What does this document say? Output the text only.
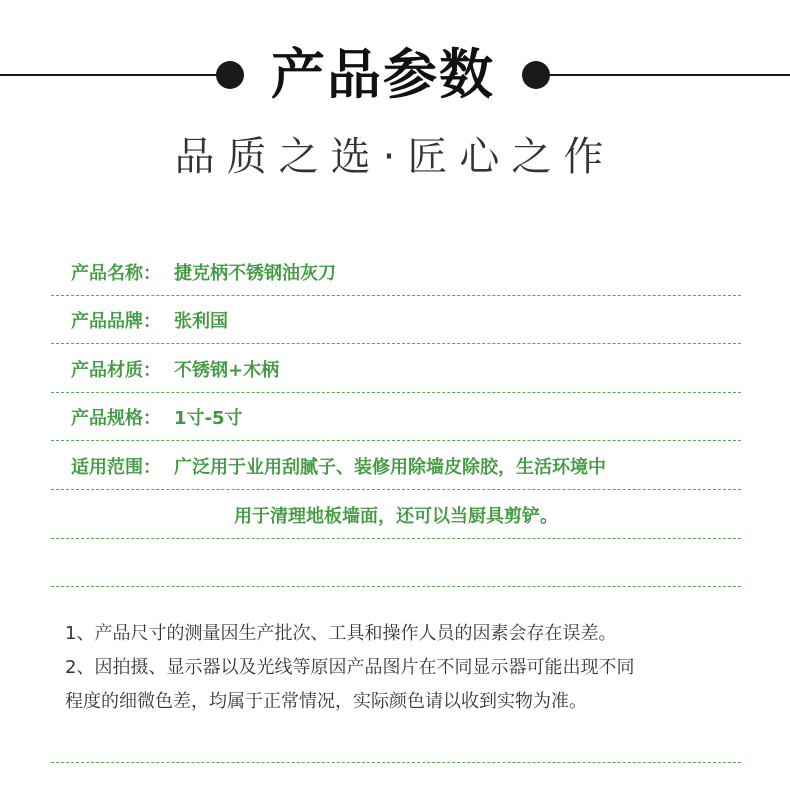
产品参数
品质之选·匠心之作
产品名称： 捷克柄不锈钢油灰刀
产品品牌： 张利国
产品材质： 不锈钢+木柄
产品规格： 1寸-5寸
适用范围： 广泛用于业用刮腻子、装修用除墙皮除胶，生活环境中
用于清理地板墙面，还可以当厨具剪铲。
1、产品尺寸的测量因生产批次、工具和操作人员的因素会存在误差。
2、因拍摄、显示器以及光线等原因产品图片在不同显示器可能出现不同
程度的细微色差，均属于正常情况，实际颜色请以收到实物为准。
